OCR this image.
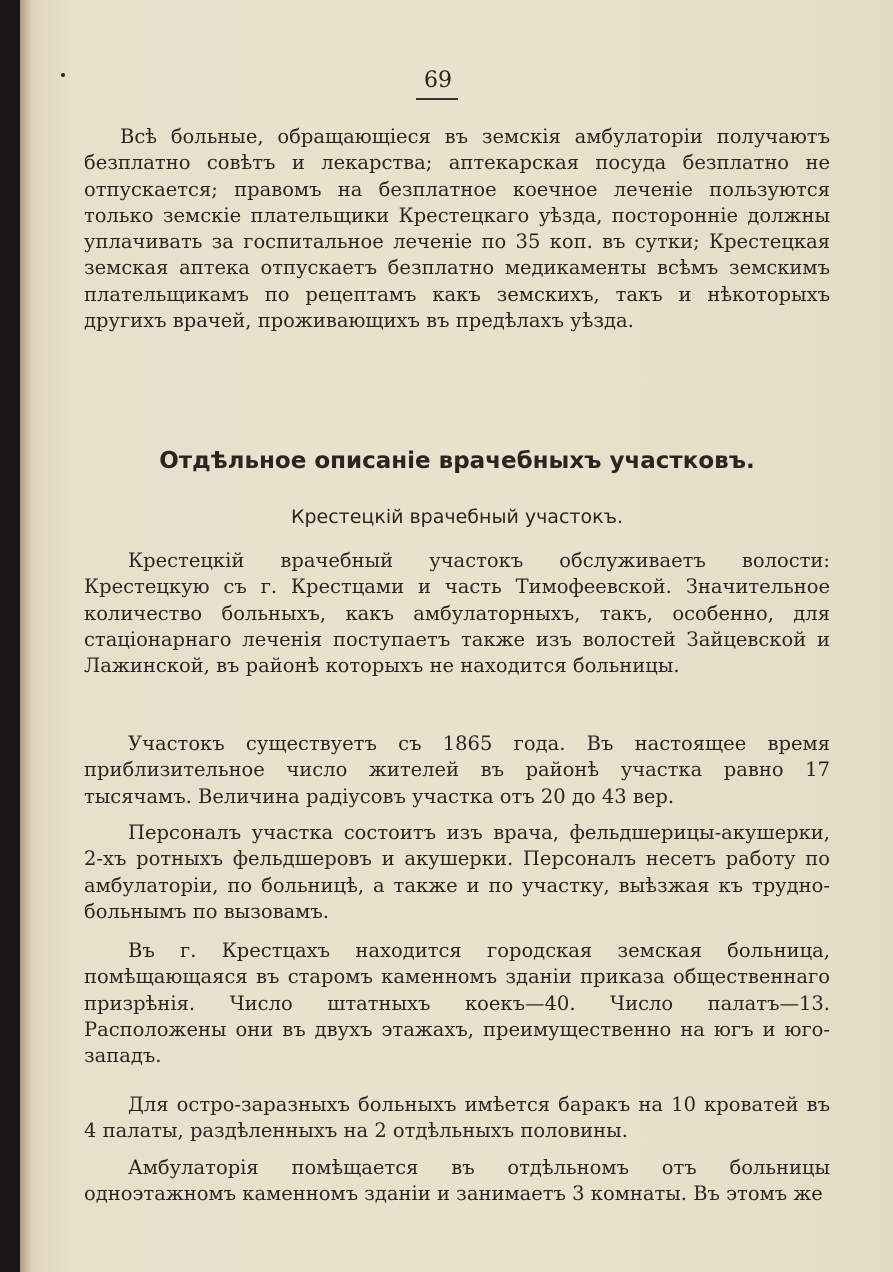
69

Всѣ больные, обращающіеся въ земскія амбулаторіи получаютъ безплатно совѣтъ и лекарства; аптекарская посуда безплатно не отпускается; правомъ на безплатное коечное леченіе пользуются только земскіе плательщики Крестецкаго уѣзда, посторонніе должны уплачивать за госпитальное леченіе по 35 коп. въ сутки; Крестецкая земская аптека отпускаетъ безплатно медикаменты всѣмъ земскимъ плательщикамъ по рецептамъ какъ земскихъ, такъ и нѣкоторыхъ другихъ врачей, проживающихъ въ предѣлахъ уѣзда.

Отдѣльное описаніе врачебныхъ участковъ.
Крестецкій врачебный участокъ.

Крестецкій врачебный участокъ обслуживаетъ волости: Крестецкую съ г. Крестцами и часть Тимофеевской. Значительное количество больныхъ, какъ амбулаторныхъ, такъ, особенно, для стаціонарнаго леченія поступаетъ также изъ волостей Зайцевской и Лажинской, въ районѣ которыхъ не находится больницы.

Участокъ существуетъ съ 1865 года. Въ настоящее время приблизительное число жителей въ районѣ участка равно 17 тысячамъ. Величина радіусовъ участка отъ 20 до 43 вер.

Персоналъ участка состоитъ изъ врача, фельдшерицы-акушерки, 2-хъ ротныхъ фельдшеровъ и акушерки. Персоналъ несетъ работу по амбулаторіи, по больницѣ, а также и по участку, выѣзжая къ трудно-больнымъ по вызовамъ.

Въ г. Крестцахъ находится городская земская больница, помѣщающаяся въ старомъ каменномъ зданіи приказа общественнаго призрѣнія. Число штатныхъ коекъ—40. Число палатъ—13. Расположены они въ двухъ этажахъ, преимущественно на югъ и юго-западъ.

Для остро-заразныхъ больныхъ имѣется баракъ на 10 кроватей въ 4 палаты, раздѣленныхъ на 2 отдѣльныхъ половины.

Амбулаторія помѣщается въ отдѣльномъ отъ больницы одноэтажномъ каменномъ зданіи и занимаетъ 3 комнаты. Въ этомъ же
